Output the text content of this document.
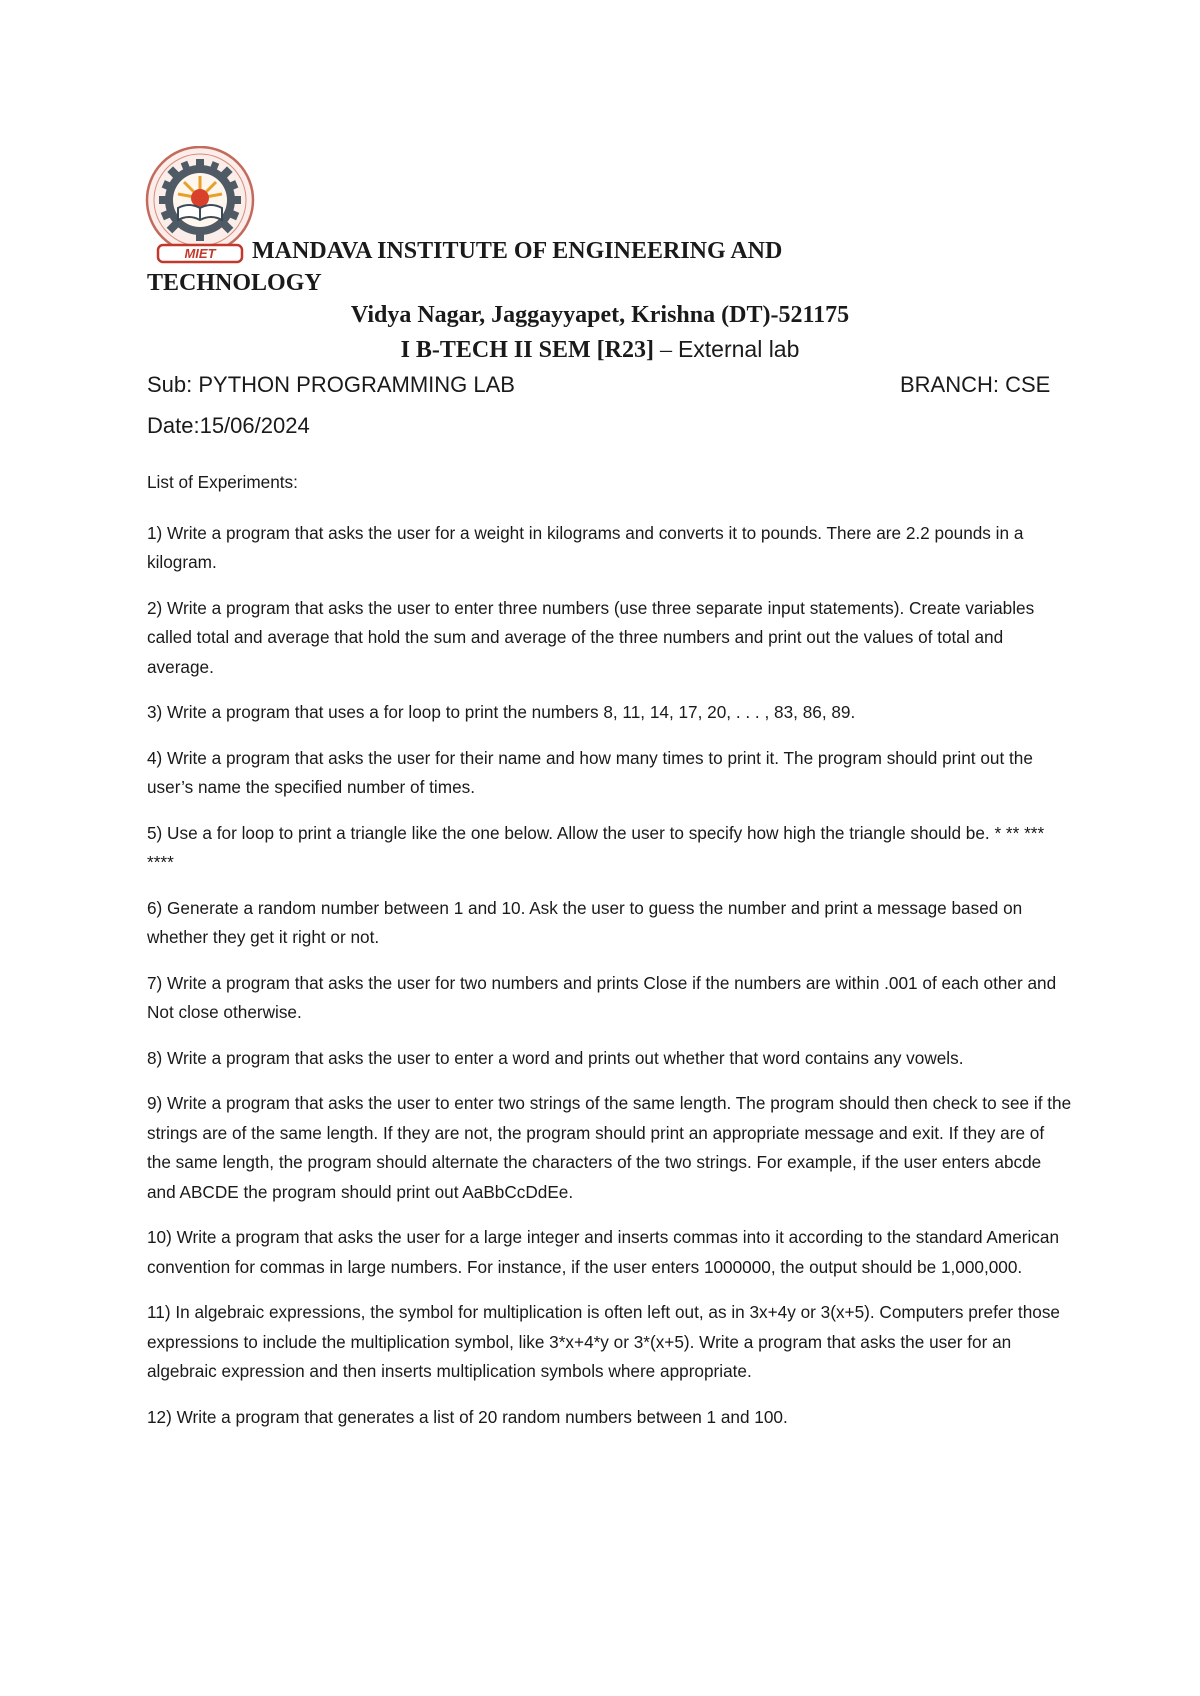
MIET MANDAVA INSTITUTE OF ENGINEERING AND
TECHNOLOGY
Vidya Nagar, Jaggayyapet, Krishna (DT)-521175
I B-TECH II SEM [R23] – External lab
Sub: PYTHON PROGRAMMING LAB	BRANCH: CSE
Date:15/06/2024

List of Experiments:

1) Write a program that asks the user for a weight in kilograms and converts it to pounds. There are 2.2 pounds in a kilogram.

2) Write a program that asks the user to enter three numbers (use three separate input statements). Create variables called total and average that hold the sum and average of the three numbers and print out the values of total and average.

3) Write a program that uses a for loop to print the numbers 8, 11, 14, 17, 20, . . . , 83, 86, 89.

4) Write a program that asks the user for their name and how many times to print it. The program should print out the user’s name the specified number of times.

5) Use a for loop to print a triangle like the one below. Allow the user to specify how high the triangle should be. * ** *** ****

6) Generate a random number between 1 and 10. Ask the user to guess the number and print a message based on whether they get it right or not.

7) Write a program that asks the user for two numbers and prints Close if the numbers are within .001 of each other and Not close otherwise.

8) Write a program that asks the user to enter a word and prints out whether that word contains any vowels.

9) Write a program that asks the user to enter two strings of the same length. The program should then check to see if the strings are of the same length. If they are not, the program should print an appropriate message and exit. If they are of the same length, the program should alternate the characters of the two strings. For example, if the user enters abcde and ABCDE the program should print out AaBbCcDdEe.

10) Write a program that asks the user for a large integer and inserts commas into it according to the standard American convention for commas in large numbers. For instance, if the user enters 1000000, the output should be 1,000,000.

11) In algebraic expressions, the symbol for multiplication is often left out, as in 3x+4y or 3(x+5). Computers prefer those expressions to include the multiplication symbol, like 3*x+4*y or 3*(x+5). Write a program that asks the user for an algebraic expression and then inserts multiplication symbols where appropriate.

12) Write a program that generates a list of 20 random numbers between 1 and 100.
